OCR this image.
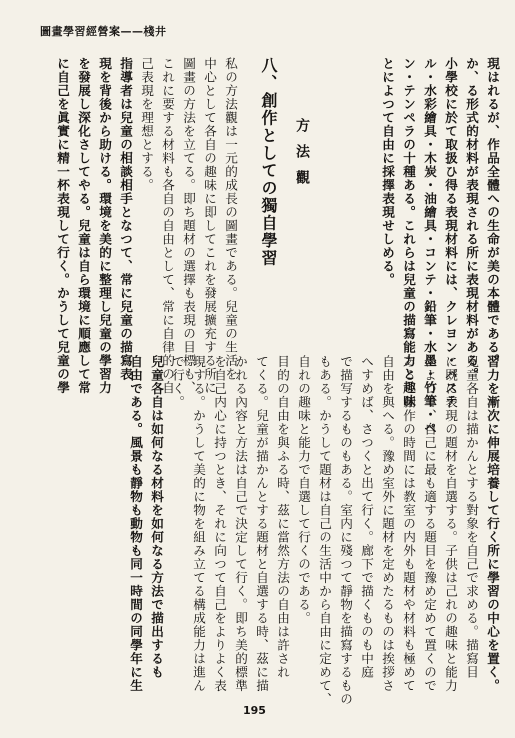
圖畫學習經營案——棧井
現はれるが、作品全體への生命が美の本體である。
か、る形式的材料が表現される所に表現材料がある。
小學校に於て取扱ひ得る表現材料には、クレヨン・パステ
ル・水彩繪具・木炭・油繪具・コンテ・鉛筆・水墨・竹筆・ペ
ン・テンペラの十種ある。これらは兒童の描寫能力と趣味
とによつて自由に採擇表現せしめる。
方法觀
八、創作としての獨自學習
私の方法觀は一元的成長の圖畫である。兒童の生活を
中心として各自の趣味に即してこれを發展擴充する所に
圖畫の方法を立てる。即ち題材の選擇も表現の目標も、
これに要する材料も各自の自由として、常に自律的の自
己表現を理想とする。
指導者は兒童の相談相手となつて、常に兒童の描寫表
現を背後から助ける。環境を美的に整理し兒童の學習力
を發展し深化さしてやる。兒童は自ら環境に順應して常
に自己を眞實に精一杯表現して行く。かうして兒童の學
習力を漸次に伸展培養して行く所に學習の中心を置く。
兒童各自は描かんとする對象を自己で求める。描寫目
に既に表現の題材を自選する。子供は己れの趣味と能力
によつて、自己に最も適する題目を豫め定めて置くので
ある。創作の時間には教室の内外も題材や材料も極めて
自由を與へる。豫め室外に題材を定めたるものは挨拶さ
へすめば、さつくと出て行く。廊下で描くものも中庭
で描写するものもある。室内に殘つて靜物を描寫するもの
もある。かうして題材は自己の生活中から自由に定めて、
自れの趣味と能力で自選して行くのである。
目的の自由を與ふる時、茲に當然方法の自由は許され
てくる。兒童が描かんとする題材と自選する時、茲に描
かれる內容と方法は自己で決定して行く。即ち美的標準
を自己内心に持つとき、それに向つて自己をよりよく表
現する。かうして美的に物を組み立てる構成能力は進ん
で行く。
兒童各自は如何なる材料を如何なる方法で描出するも
自由である。風景も靜物も動物も同一時間の同學年に生
195
